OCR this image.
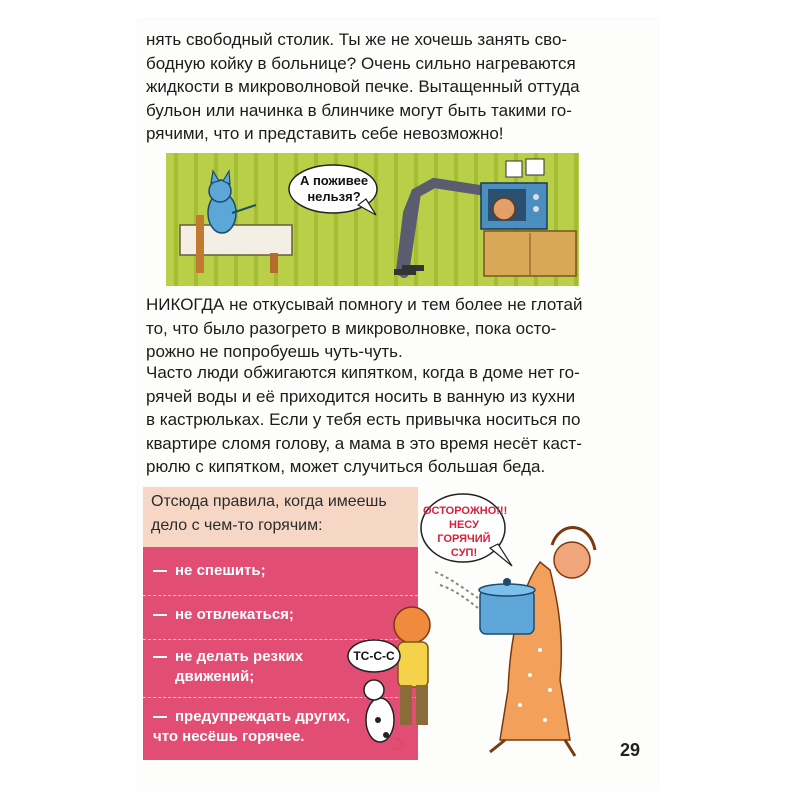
нять свободный столик. Ты же не хочешь занять сво-
бодную койку в больнице? Очень сильно нагреваются
жидкости в микроволновой печке. Вытащенный оттуда
бульон или начинка в блинчике могут быть такими го-
рячими, что и представить себе невозможно!
А поживее
нельзя?
НИКОГДА не откусывай помногу и тем более не глотай
то, что было разогрето в микроволновке, пока осто-
рожно не попробуешь чуть-чуть.
Часто люди обжигаются кипятком, когда в доме нет го-
рячей воды и её приходится носить в ванную из кухни
в кастрюльках. Если у тебя есть привычка носиться по
квартире сломя голову, а мама в это время несёт каст-
рюлю с кипятком, может случиться большая беда.
Отсюда правила, когда имеешь
дело с чем-то горячим:
не спешить;
не отвлекаться;
не делать резких
движений;
предупреждать других,
что несёшь горячее.
ОСТОРОЖНО!!!
НЕСУ ГОРЯЧИЙ
СУП!
ТС-С-С
29
